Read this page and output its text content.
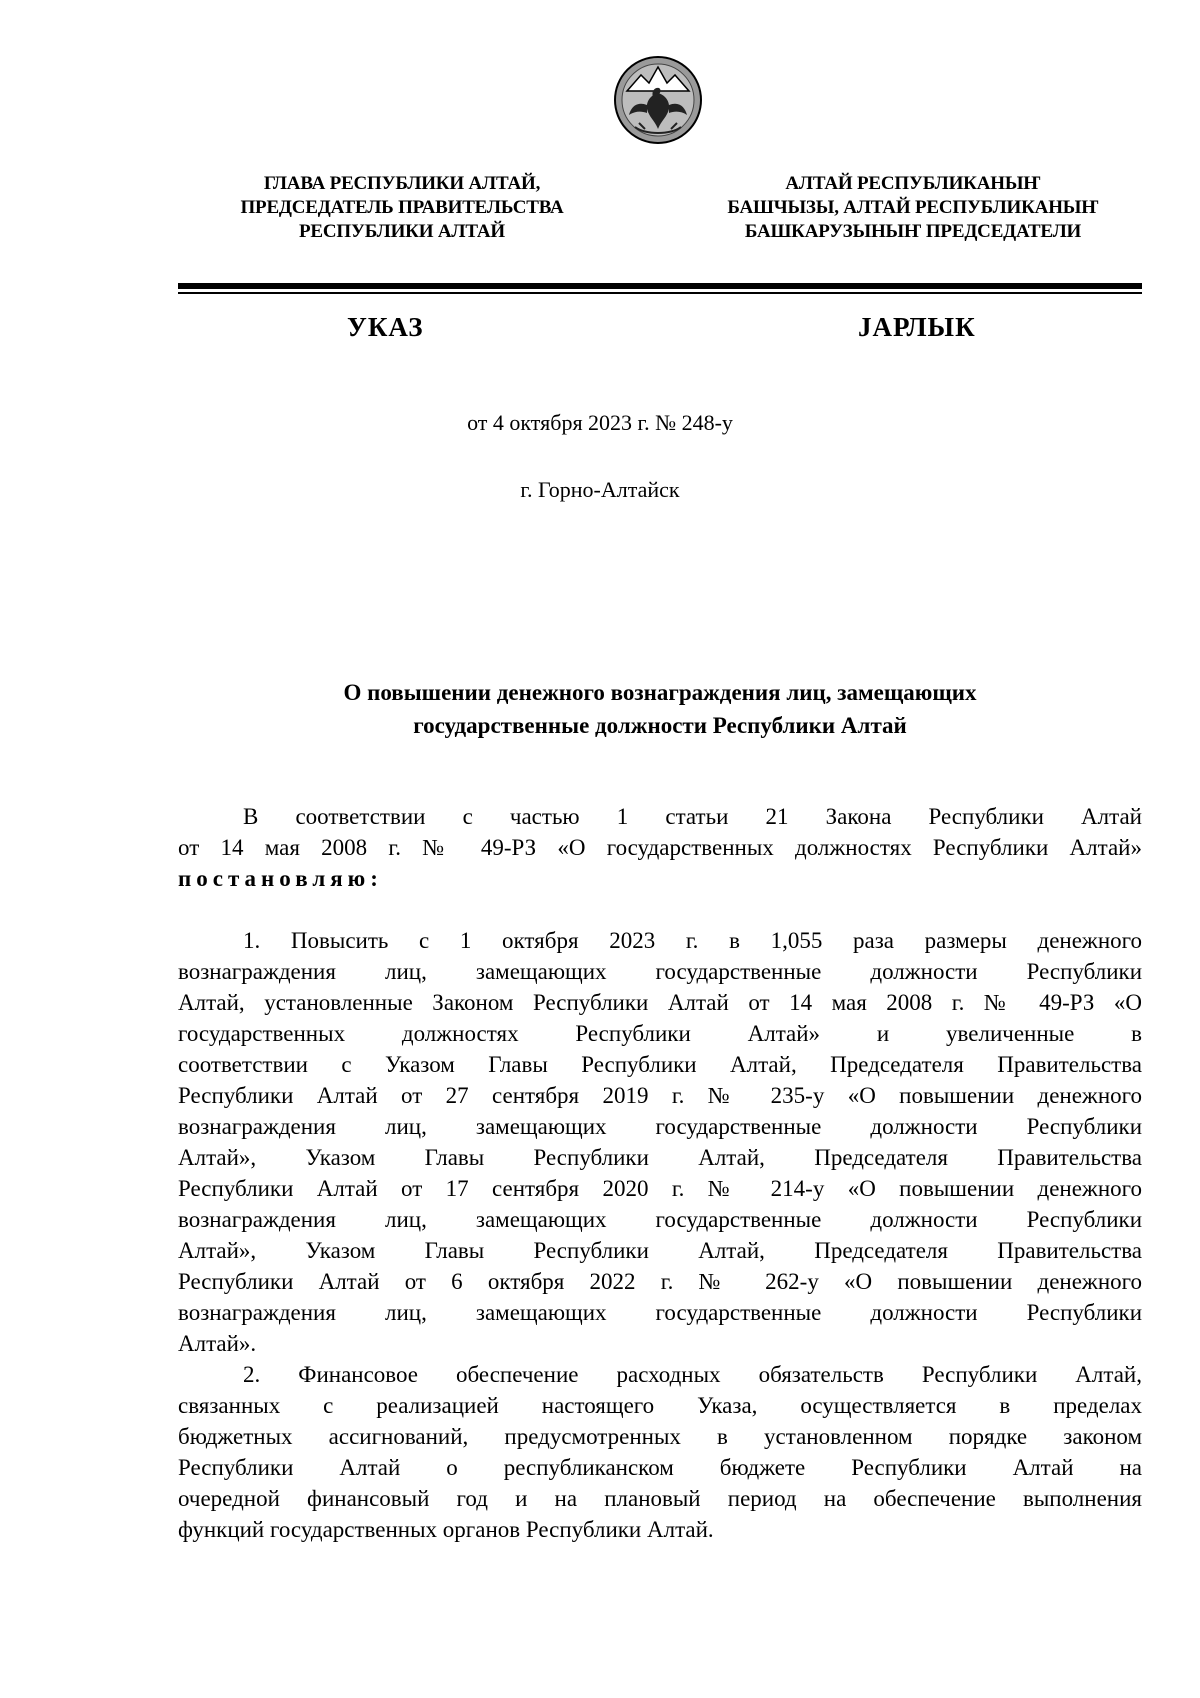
ГЛАВА РЕСПУБЛИКИ АЛТАЙ,
ПРЕДСЕДАТЕЛЬ ПРАВИТЕЛЬСТВА
РЕСПУБЛИКИ АЛТАЙ
АЛТАЙ РЕСПУБЛИКАНЫҤ
БАШЧЫЗЫ, АЛТАЙ РЕСПУБЛИКАНЫҤ
БАШКАРУЗЫНЫҤ ПРЕДСЕДАТЕЛИ
УКАЗ	ЈАРЛЫК
от 4 октября 2023 г. № 248-у
г. Горно-Алтайск
О повышении денежного вознаграждения лиц, замещающих
государственные должности Республики Алтай
В соответствии с частью 1 статьи 21 Закона Республики Алтай
от 14 мая 2008 г. № 49-РЗ «О государственных должностях Республики Алтай»
постановляю:
1. Повысить с 1 октября 2023 г. в 1,055 раза размеры денежного
вознаграждения лиц, замещающих государственные должности Республики
Алтай, установленные Законом Республики Алтай от 14 мая 2008 г. № 49-РЗ «О
государственных должностях Республики Алтай» и увеличенные в
соответствии с Указом Главы Республики Алтай, Председателя Правительства
Республики Алтай от 27 сентября 2019 г. № 235-у «О повышении денежного
вознаграждения лиц, замещающих государственные должности Республики
Алтай», Указом Главы Республики Алтай, Председателя Правительства
Республики Алтай от 17 сентября 2020 г. № 214-у «О повышении денежного
вознаграждения лиц, замещающих государственные должности Республики
Алтай», Указом Главы Республики Алтай, Председателя Правительства
Республики Алтай от 6 октября 2022 г. № 262-у «О повышении денежного
вознаграждения лиц, замещающих государственные должности Республики
Алтай».
2. Финансовое обеспечение расходных обязательств Республики Алтай,
связанных с реализацией настоящего Указа, осуществляется в пределах
бюджетных ассигнований, предусмотренных в установленном порядке законом
Республики Алтай о республиканском бюджете Республики Алтай на
очередной финансовый год и на плановый период на обеспечение выполнения
функций государственных органов Республики Алтай.
